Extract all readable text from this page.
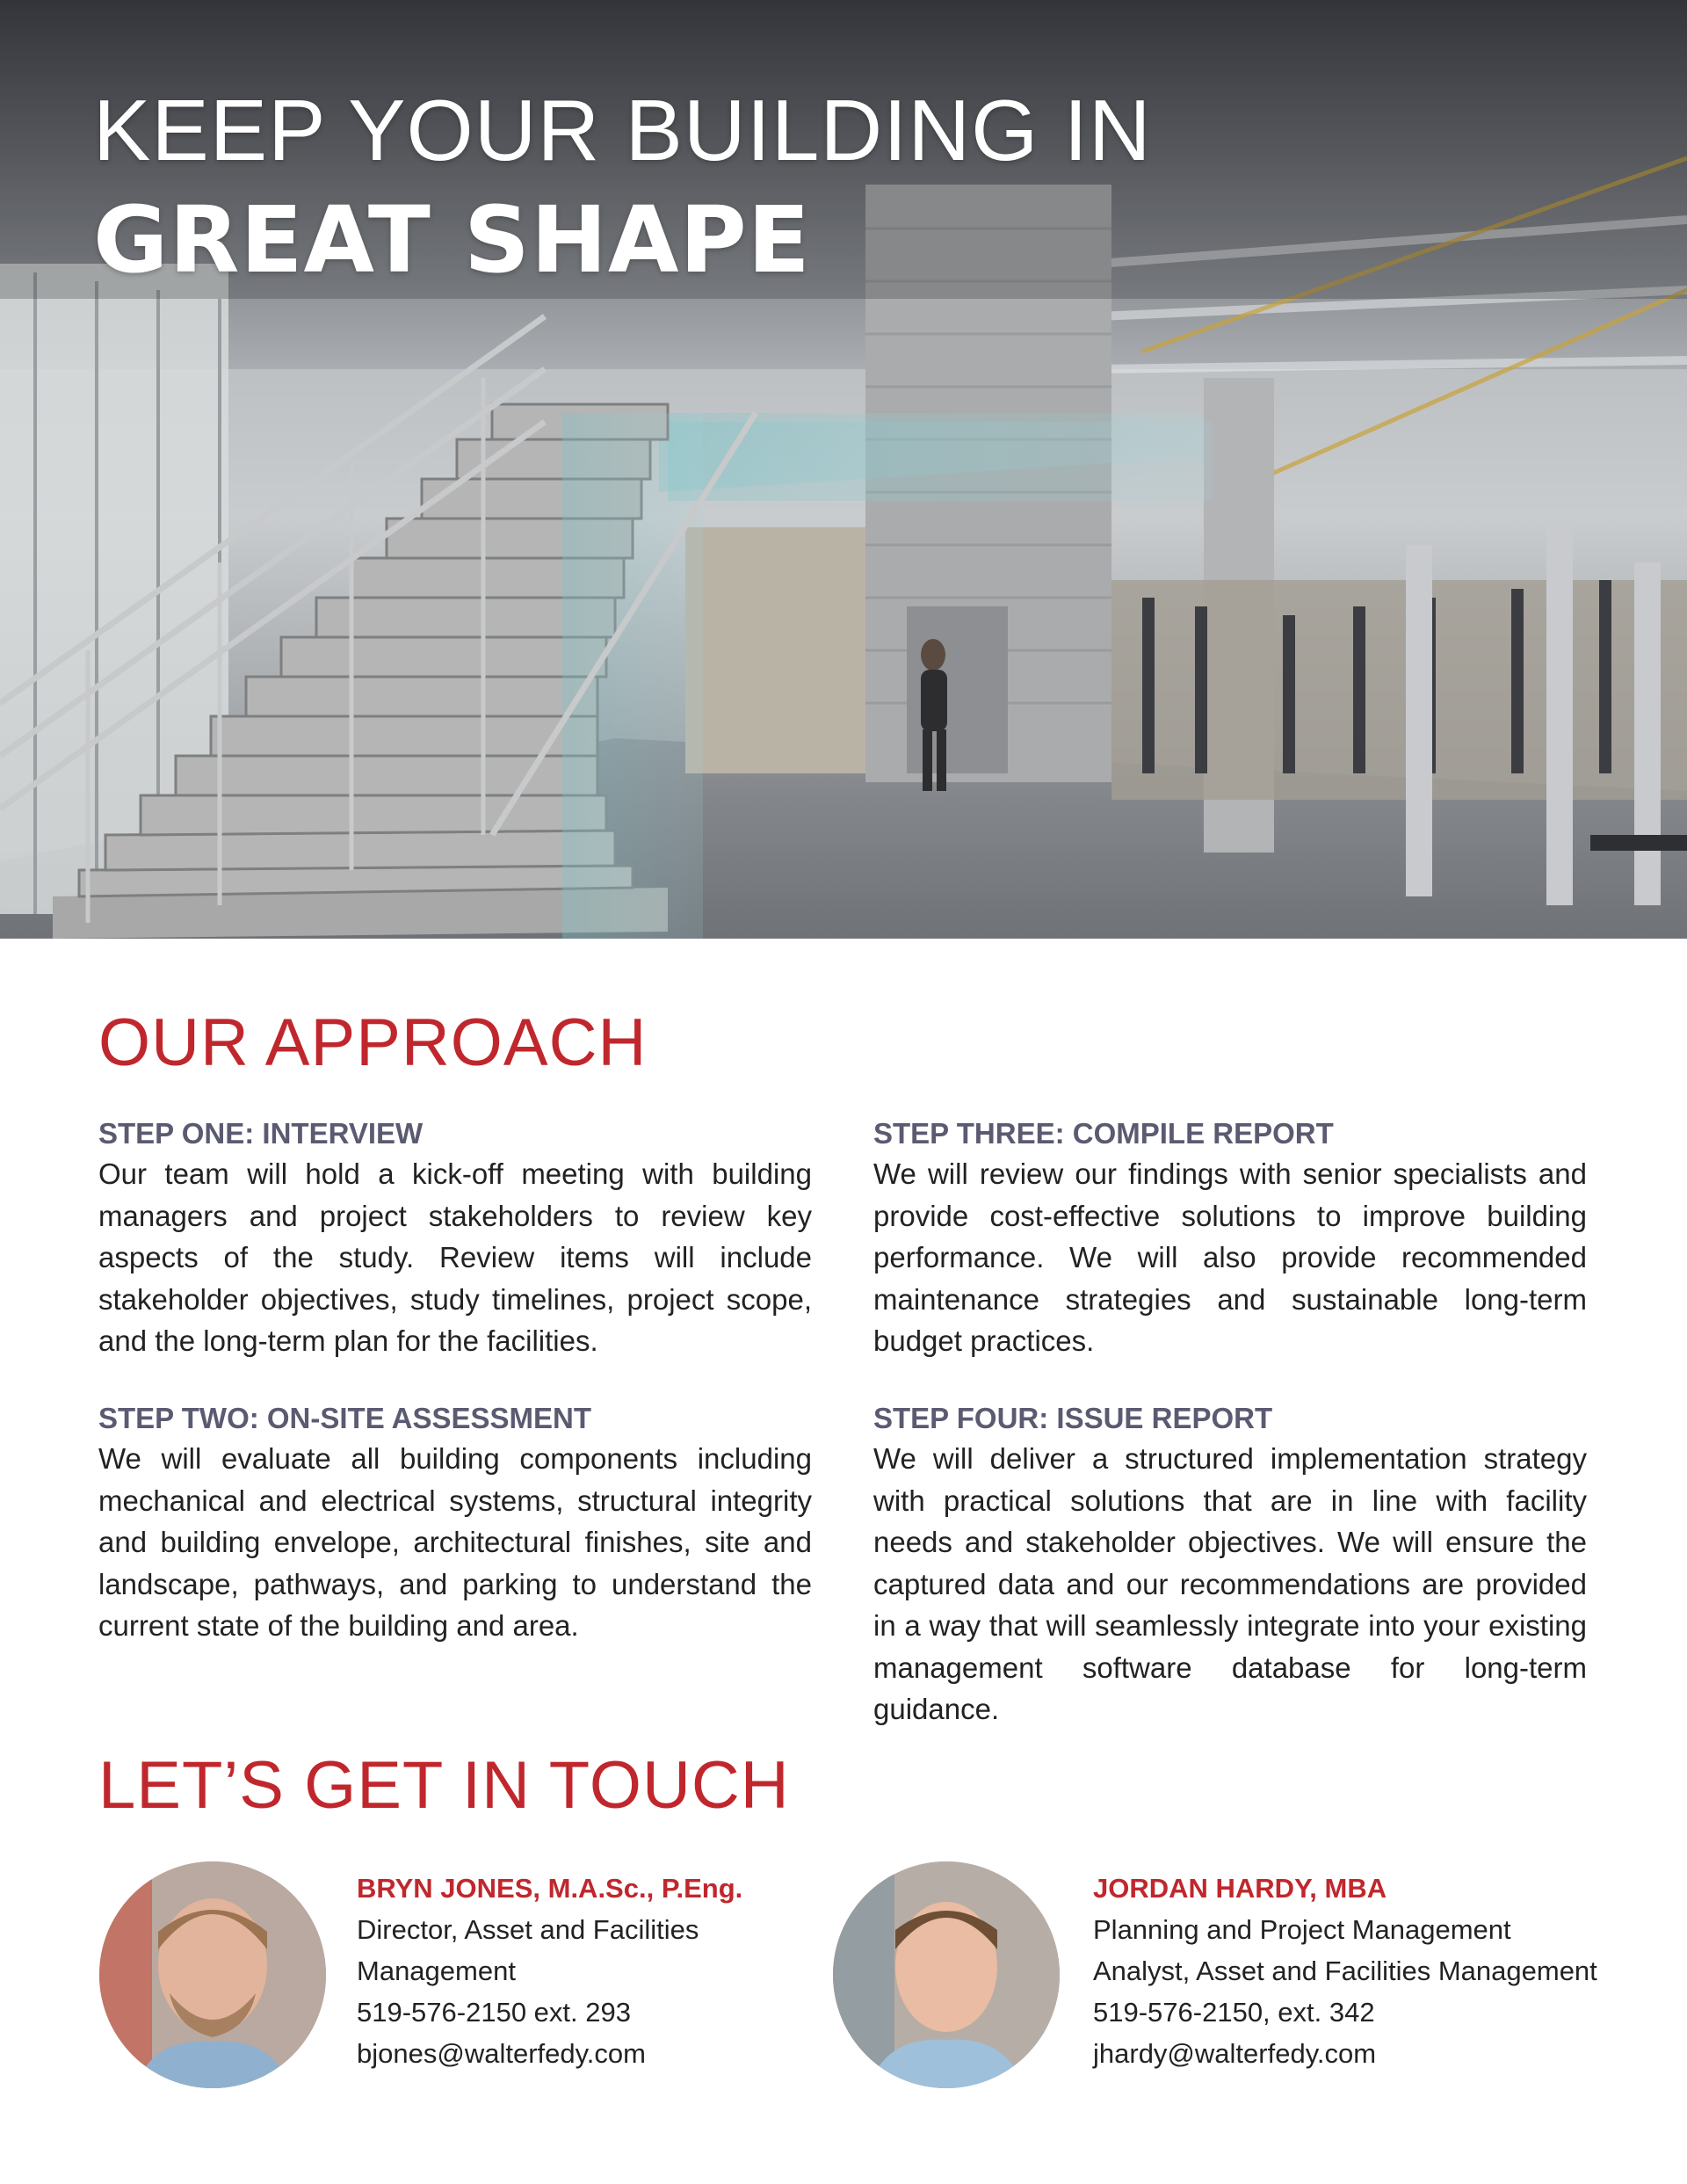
KEEP YOUR BUILDING IN
GREAT SHAPE
OUR APPROACH
STEP ONE: INTERVIEW
Our team will hold a kick-off meeting with building managers and project stakeholders to review key aspects of the study. Review items will include stakeholder objectives, study timelines, project scope, and the long-term plan for the facilities.
STEP TWO: ON-SITE ASSESSMENT
We will evaluate all building components including mechanical and electrical systems, structural integrity and building envelope, architectural finishes, site and landscape, pathways, and parking to understand the current state of the building and area.
STEP THREE: COMPILE REPORT
We will review our findings with senior specialists and provide cost-effective solutions to improve building performance. We will also provide recommended maintenance strategies and sustainable long-term budget practices.
STEP FOUR: ISSUE REPORT
We will deliver a structured implementation strategy with practical solutions that are in line with facility needs and stakeholder objectives. We will ensure the captured data and our recommendations are provided in a way that will seamlessly integrate into your existing management software database for long-term guidance.
LET’S GET IN TOUCH
BRYN JONES, M.A.Sc., P.Eng.
Director, Asset and Facilities
Management
519-576-2150 ext. 293
bjones@walterfedy.com
JORDAN HARDY, MBA
Planning and Project Management
Analyst, Asset and Facilities Management
519-576-2150, ext. 342
jhardy@walterfedy.com
